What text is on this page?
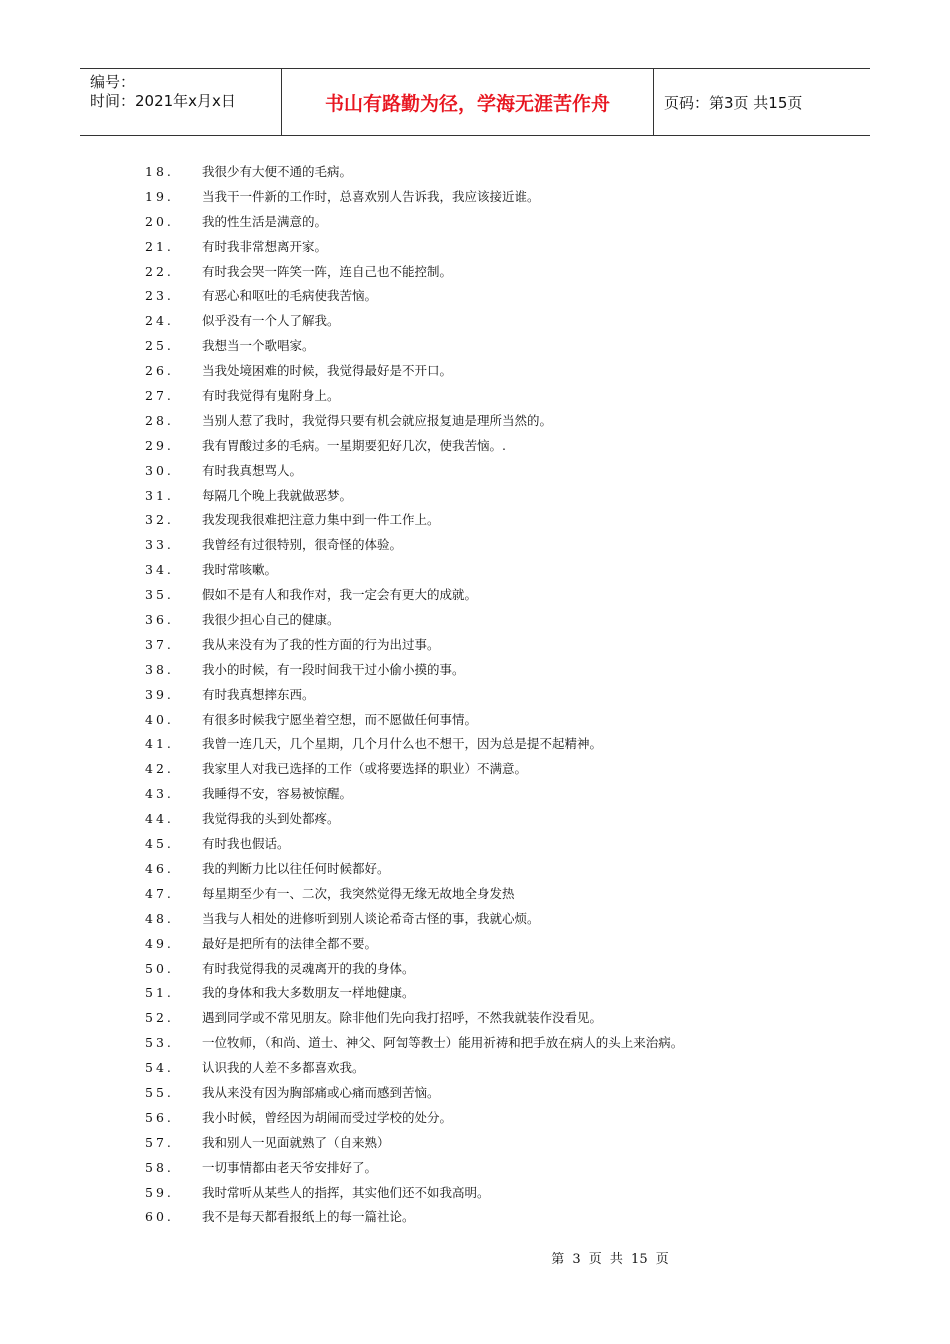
编号：
时间：2021年x月x日	书山有路勤为径，学海无涯苦作舟	页码：第3页 共15页
18.	我很少有大便不通的毛病。
19.	当我干一件新的工作时，总喜欢别人告诉我，我应该接近谁。
20.	我的性生活是满意的。
21.	有时我非常想离开家。
22.	有时我会哭一阵笑一阵，连自己也不能控制。
23.	有恶心和呕吐的毛病使我苦恼。
24.	似乎没有一个人了解我。
25.	我想当一个歌唱家。
26.	当我处境困难的时候，我觉得最好是不开口。
27.	有时我觉得有鬼附身上。
28.	当别人惹了我时，我觉得只要有机会就应报复迪是理所当然的。
29.	我有胃酸过多的毛病。一星期要犯好几次，使我苦恼。.
30.	有时我真想骂人。
31.	每隔几个晚上我就做恶梦。
32.	我发现我很难把注意力集中到一件工作上。
33.	我曾经有过很特别，很奇怪的体验。
34.	我时常咳嗽。
35.	假如不是有人和我作对，我一定会有更大的成就。
36.	我很少担心自己的健康。
37.	我从来没有为了我的性方面的行为出过事。
38.	我小的时候，有一段时间我干过小偷小摸的事。
39.	有时我真想摔东西。
40.	有很多时候我宁愿坐着空想，而不愿做任何事情。
41.	我曾一连几天，几个星期，几个月什么也不想干，因为总是提不起精神。
42.	我家里人对我已选择的工作（或将要选择的职业）不满意。
43.	我睡得不安，容易被惊醒。
44.	我觉得我的头到处都疼。
45.	有时我也假话。
46.	我的判断力比以往任何时候都好。
47.	每星期至少有一、二次，我突然觉得无缘无故地全身发热
48.	当我与人相处的进修听到别人谈论希奇古怪的事，我就心烦。
49.	最好是把所有的法律全都不要。
50.	有时我觉得我的灵魂离开的我的身体。
51.	我的身体和我大多数朋友一样地健康。
52.	遇到同学或不常见朋友。除非他们先向我打招呼，不然我就装作没看见。
53.	一位牧师，（和尚、道士、神父、阿訇等教士）能用祈祷和把手放在病人的头上来治病。
54.	认识我的人差不多都喜欢我。
55.	我从来没有因为胸部痛或心痛而感到苦恼。
56.	我小时候，曾经因为胡闹而受过学校的处分。
57.	我和别人一见面就熟了（自来熟）
58.	一切事情都由老天爷安排好了。
59.	我时常听从某些人的指挥，其实他们还不如我高明。
60.	我不是每天都看报纸上的每一篇社论。
第 3 页 共 15 页
